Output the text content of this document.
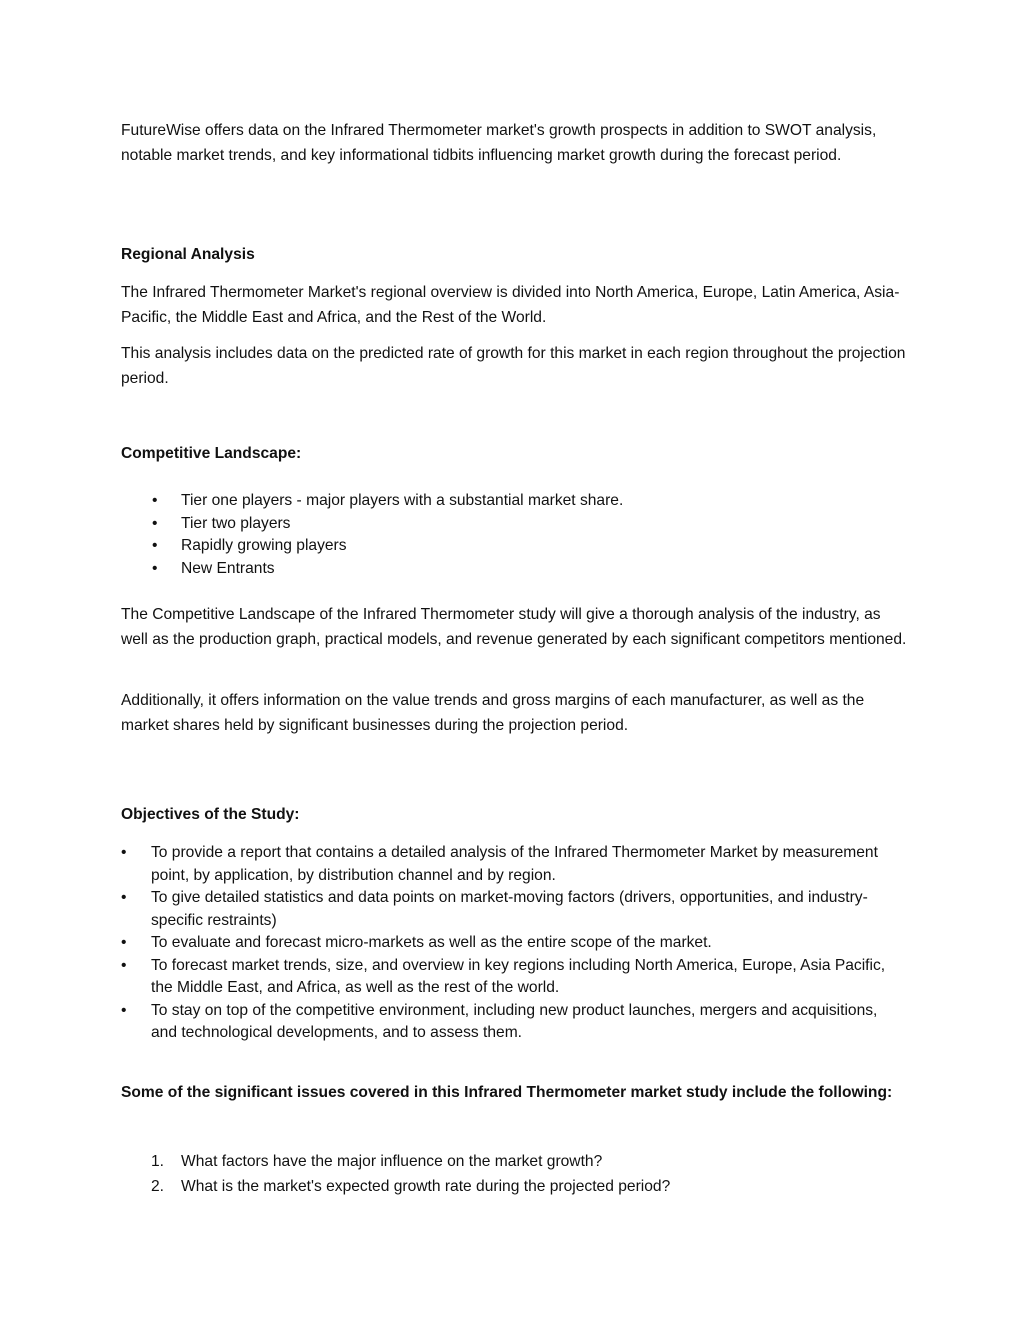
FutureWise offers data on the Infrared Thermometer market's growth prospects in addition to SWOT analysis, notable market trends, and key informational tidbits influencing market growth during the forecast period.

Regional Analysis

The Infrared Thermometer Market's regional overview is divided into North America, Europe, Latin America, Asia-Pacific, the Middle East and Africa, and the Rest of the World.

This analysis includes data on the predicted rate of growth for this market in each region throughout the projection period.

Competitive Landscape:

• Tier one players - major players with a substantial market share.
• Tier two players
• Rapidly growing players
• New Entrants

The Competitive Landscape of the Infrared Thermometer study will give a thorough analysis of the industry, as well as the production graph, practical models, and revenue generated by each significant competitors mentioned.

Additionally, it offers information on the value trends and gross margins of each manufacturer, as well as the market shares held by significant businesses during the projection period.

Objectives of the Study:

• To provide a report that contains a detailed analysis of the Infrared Thermometer Market by measurement point, by application, by distribution channel and by region.
• To give detailed statistics and data points on market-moving factors (drivers, opportunities, and industry-specific restraints)
• To evaluate and forecast micro-markets as well as the entire scope of the market.
• To forecast market trends, size, and overview in key regions including North America, Europe, Asia Pacific, the Middle East, and Africa, as well as the rest of the world.
• To stay on top of the competitive environment, including new product launches, mergers and acquisitions, and technological developments, and to assess them.

Some of the significant issues covered in this Infrared Thermometer market study include the following:

1. What factors have the major influence on the market growth?
2. What is the market's expected growth rate during the projected period?
